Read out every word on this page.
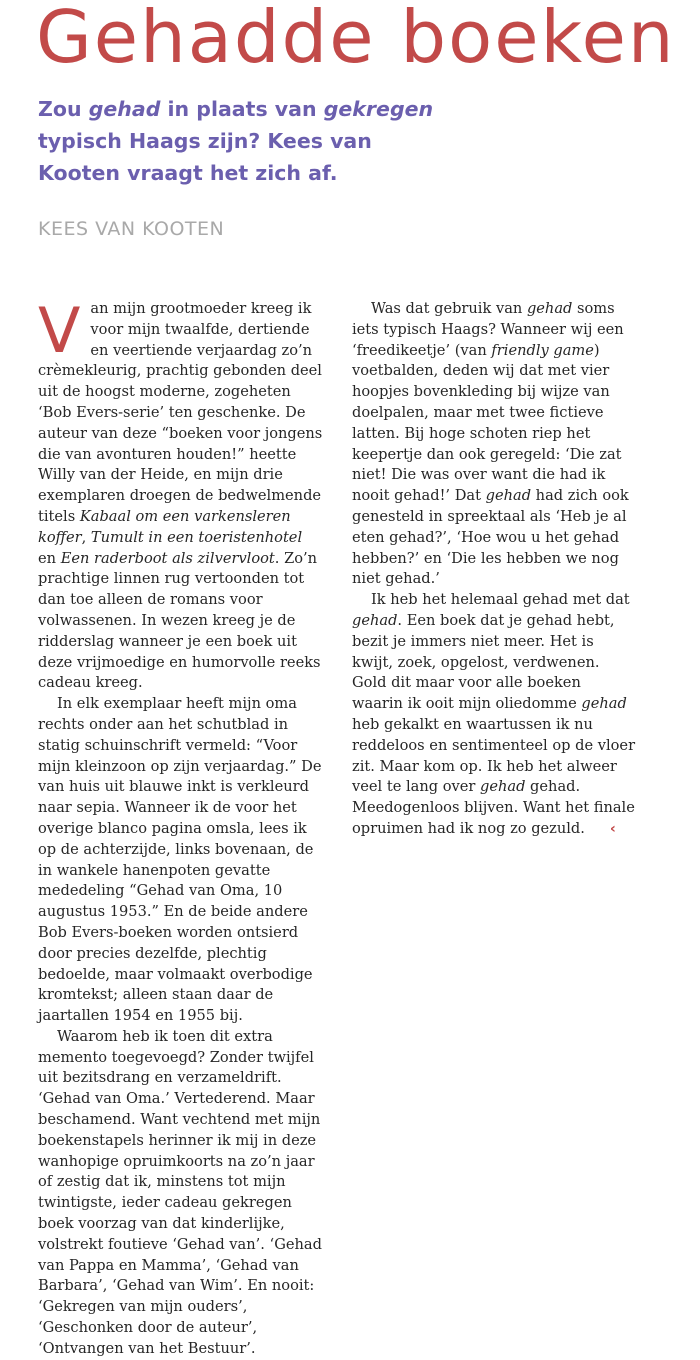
Gehadde boeken

Zou gehad in plaats van gekregen typisch Haags zijn? Kees van Kooten vraagt het zich af.

KEES VAN KOOTEN

Van mijn grootmoeder kreeg ik voor mijn twaalfde, dertiende en veertiende verjaardag zo’n crèmekleurig, prachtig gebonden deel uit de hoogst moderne, zogeheten ‘Bob Evers-serie’ ten geschenke. De auteur van deze “boeken voor jongens die van avonturen houden!” heette Willy van der Heide, en mijn drie exemplaren droegen de bedwelmende titels Kabaal om een varkensleren koffer, Tumult in een toeristenhotel en Een raderboot als zilvervloot. Zo’n prachtige linnen rug vertoonden tot dan toe alleen de romans voor volwassenen. In wezen kreeg je de ridderslag wanneer je een boek uit deze vrijmoedige en humorvolle reeks cadeau kreeg.

In elk exemplaar heeft mijn oma rechts onder aan het schutblad in statig schuinschrift vermeld: “Voor mijn kleinzoon op zijn verjaardag.” De van huis uit blauwe inkt is verkleurd naar sepia. Wanneer ik de voor het overige blanco pagina omsla, lees ik op de achterzijde, links bovenaan, de in wankele hanenpoten gevatte mededeling “Gehad van Oma, 10 augustus 1953.” En de beide andere Bob Evers-boeken worden ontsierd door precies dezelfde, plechtig bedoelde, maar volmaakt overbodige kromtekst; alleen staan daar de jaartallen 1954 en 1955 bij.

Waarom heb ik toen dit extra memento toegevoegd? Zonder twijfel uit bezitsdrang en verzameldrift. ‘Gehad van Oma.’ Vertederend. Maar beschamend. Want vechtend met mijn boekenstapels herinner ik mij in deze wanhopige opruimkoorts na zo’n jaar of zestig dat ik, minstens tot mijn twintigste, ieder cadeau gekregen boek voorzag van dat kinderlijke, volstrekt foutieve ‘Gehad van’. ‘Gehad van Pappa en Mamma’, ‘Gehad van Barbara’, ‘Gehad van Wim’. En nooit: ‘Gekregen van mijn ouders’, ‘Geschonken door de auteur’, ‘Ontvangen van het Bestuur’.

Was dat gebruik van gehad soms iets typisch Haags? Wanneer wij een ‘freedikeetje’ (van friendly game) voetbalden, deden wij dat met vier hoopjes bovenkleding bij wijze van doelpalen, maar met twee fictieve latten. Bij hoge schoten riep het keepertje dan ook geregeld: ‘Die zat niet! Die was over want die had ik nooit gehad!’ Dat gehad had zich ook genesteld in spreektaal als ‘Heb je al eten gehad?’, ‘Hoe wou u het gehad hebben?’ en ‘Die les hebben we nog niet gehad.’

Ik heb het helemaal gehad met dat gehad. Een boek dat je gehad hebt, bezit je immers niet meer. Het is kwijt, zoek, opgelost, verdwenen. Gold dit maar voor alle boeken waarin ik ooit mijn oliedomme gehad heb gekalkt en waartussen ik nu reddeloos en sentimenteel op de vloer zit. Maar kom op. Ik heb het alweer veel te lang over gehad gehad. Meedogenloos blijven. Want het finale opruimen had ik nog zo gezuld. ‹
